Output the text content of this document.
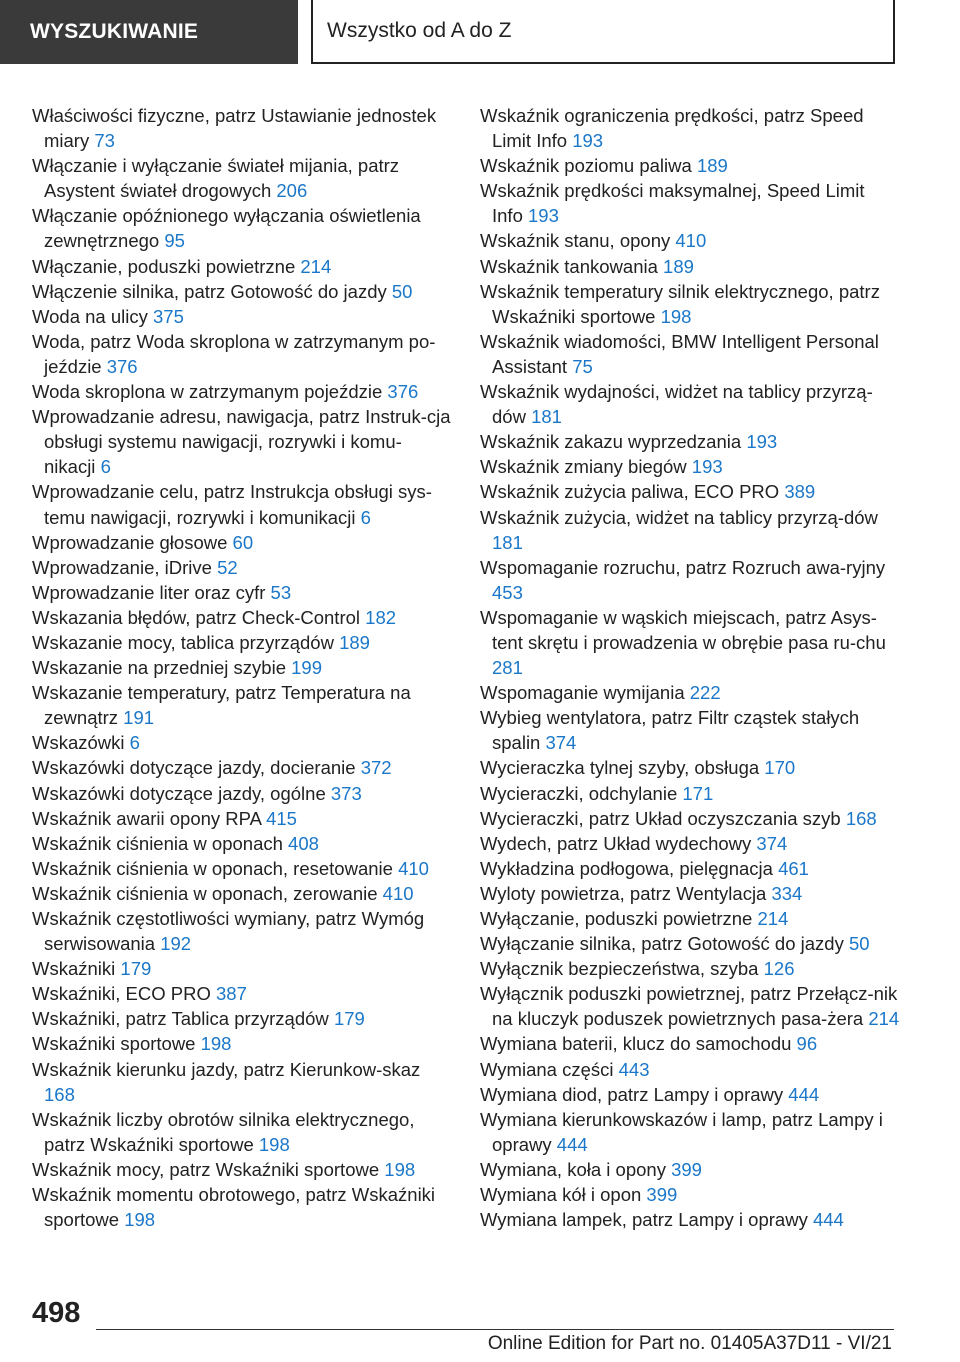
WYSZUKIWANIE	Wszystko od A do Z
Właściwości fizyczne, patrz Ustawianie jednostek miary 73
Włączanie i wyłączanie świateł mijania, patrz Asystent świateł drogowych 206
Włączanie opóźnionego wyłączania oświetlenia zewnętrznego 95
Włączanie, poduszki powietrzne 214
Włączenie silnika, patrz Gotowość do jazdy 50
Woda na ulicy 375
Woda, patrz Woda skroplona w zatrzymanym po-jeździe 376
Woda skroplona w zatrzymanym pojeździe 376
Wprowadzanie adresu, nawigacja, patrz Instruk-cja obsługi systemu nawigacji, rozrywki i komu-nikacji 6
Wprowadzanie celu, patrz Instrukcja obsługi sys-temu nawigacji, rozrywki i komunikacji 6
Wprowadzanie głosowe 60
Wprowadzanie, iDrive 52
Wprowadzanie liter oraz cyfr 53
Wskazania błędów, patrz Check-Control 182
Wskazanie mocy, tablica przyrządów 189
Wskazanie na przedniej szybie 199
Wskazanie temperatury, patrz Temperatura na zewnątrz 191
Wskazówki 6
Wskazówki dotyczące jazdy, docieranie 372
Wskazówki dotyczące jazdy, ogólne 373
Wskaźnik awarii opony RPA 415
Wskaźnik ciśnienia w oponach 408
Wskaźnik ciśnienia w oponach, resetowanie 410
Wskaźnik ciśnienia w oponach, zerowanie 410
Wskaźnik częstotliwości wymiany, patrz Wymóg serwisowania 192
Wskaźniki 179
Wskaźniki, ECO PRO 387
Wskaźniki, patrz Tablica przyrządów 179
Wskaźniki sportowe 198
Wskaźnik kierunku jazdy, patrz Kierunkow-skaz 168
Wskaźnik liczby obrotów silnika elektrycznego, patrz Wskaźniki sportowe 198
Wskaźnik mocy, patrz Wskaźniki sportowe 198
Wskaźnik momentu obrotowego, patrz Wskaźniki sportowe 198
Wskaźnik ograniczenia prędkości, patrz Speed Limit Info 193
Wskaźnik poziomu paliwa 189
Wskaźnik prędkości maksymalnej, Speed Limit Info 193
Wskaźnik stanu, opony 410
Wskaźnik tankowania 189
Wskaźnik temperatury silnik elektrycznego, patrz Wskaźniki sportowe 198
Wskaźnik wiadomości, BMW Intelligent Personal Assistant 75
Wskaźnik wydajności, widżet na tablicy przyrzą-dów 181
Wskaźnik zakazu wyprzedzania 193
Wskaźnik zmiany biegów 193
Wskaźnik zużycia paliwa, ECO PRO 389
Wskaźnik zużycia, widżet na tablicy przyrzą-dów 181
Wspomaganie rozruchu, patrz Rozruch awa-ryjny 453
Wspomaganie w wąskich miejscach, patrz Asys-tent skrętu i prowadzenia w obrębie pasa ru-chu 281
Wspomaganie wymijania 222
Wybieg wentylatora, patrz Filtr cząstek stałych spalin 374
Wycieraczka tylnej szyby, obsługa 170
Wycieraczki, odchylanie 171
Wycieraczki, patrz Układ oczyszczania szyb 168
Wydech, patrz Układ wydechowy 374
Wykładzina podłogowa, pielęgnacja 461
Wyloty powietrza, patrz Wentylacja 334
Wyłączanie, poduszki powietrzne 214
Wyłączanie silnika, patrz Gotowość do jazdy 50
Wyłącznik bezpieczeństwa, szyba 126
Wyłącznik poduszki powietrznej, patrz Przełącz-nik na kluczyk poduszek powietrznych pasa-żera 214
Wymiana baterii, klucz do samochodu 96
Wymiana części 443
Wymiana diod, patrz Lampy i oprawy 444
Wymiana kierunkowskazów i lamp, patrz Lampy i oprawy 444
Wymiana, koła i opony 399
Wymiana kół i opon 399
Wymiana lampek, patrz Lampy i oprawy 444
498
Online Edition for Part no. 01405A37D11 - VI/21
